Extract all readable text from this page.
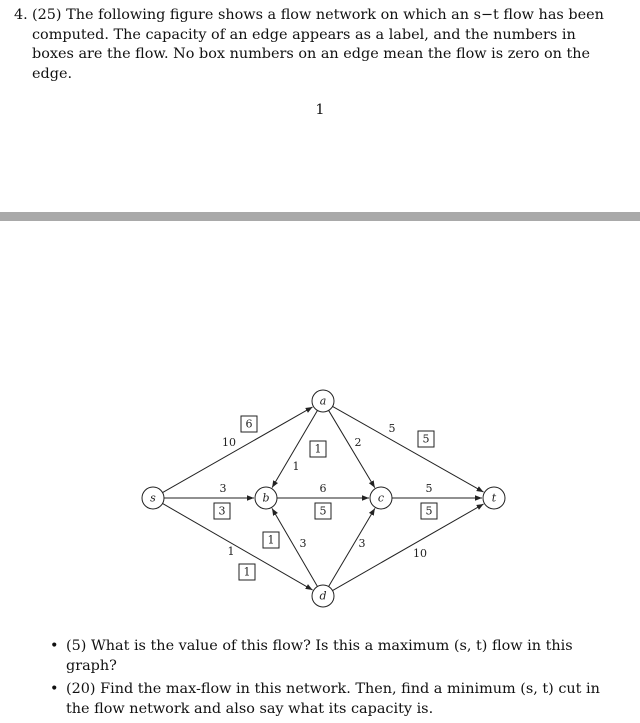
4. (25) The following figure shows a flow network on which an s−t flow has been computed. The capacity of an edge appears as a label, and the numbers in boxes are the flow. No box numbers on an edge mean the flow is zero on the edge.
1
s
a
b	c
d
t
10
6
3
3
1
1
1
1	2
5
5
6
5
3
1	3
5
5
10
• (5) What is the value of this flow? Is this a maximum (s, t) flow in this graph?
• (20) Find the max-flow in this network. Then, find a minimum (s, t) cut in the flow network and also say what its capacity is.
